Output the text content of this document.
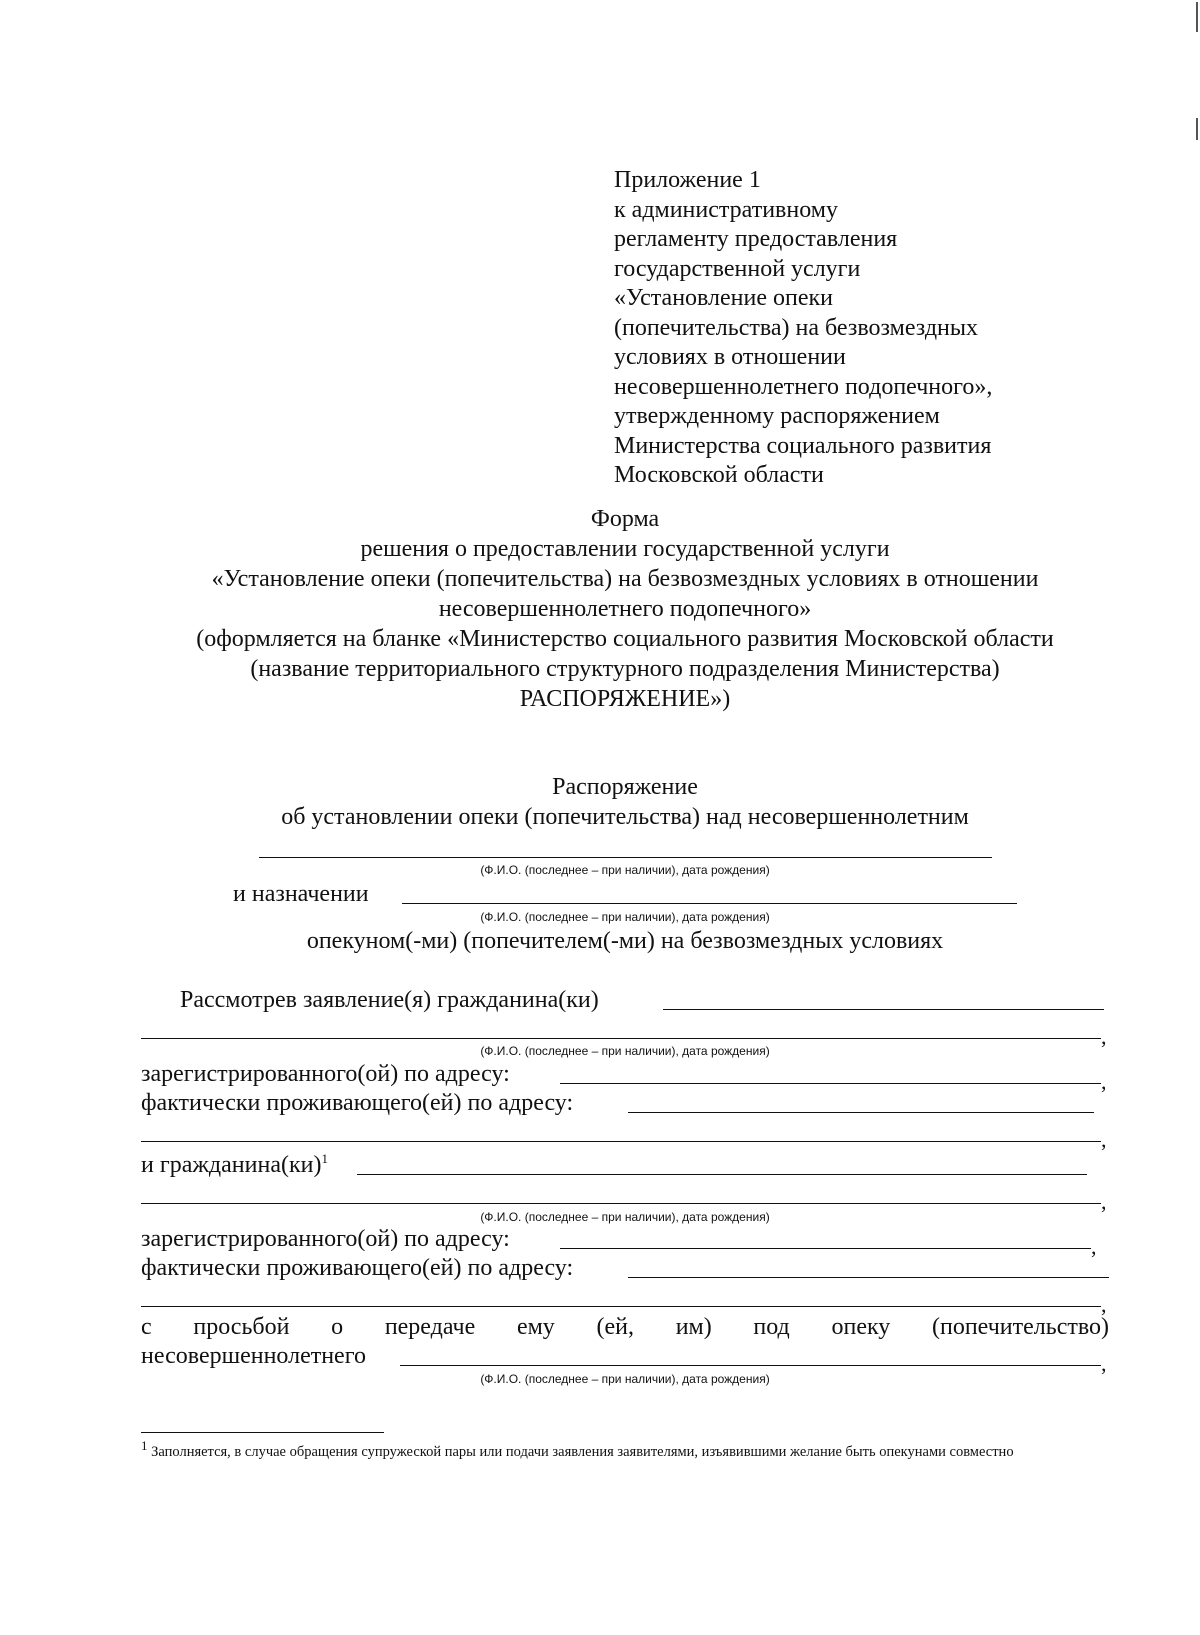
Приложение 1
к административному
регламенту предоставления
государственной услуги
«Установление опеки
(попечительства) на безвозмездных
условиях в отношении
несовершеннолетнего подопечного»,
утвержденному распоряжением
Министерства социального развития
Московской области
Форма
решения о предоставлении государственной услуги
«Установление опеки (попечительства) на безвозмездных условиях в отношении
несовершеннолетнего подопечного»
(оформляется на бланке «Министерство социального развития Московской области
(название территориального структурного подразделения Министерства)
РАСПОРЯЖЕНИЕ»)
Распоряжение
об установлении опеки (попечительства) над несовершеннолетним
(Ф.И.О. (последнее – при наличии), дата рождения)
и назначении
(Ф.И.О. (последнее – при наличии), дата рождения)
опекуном(-ми) (попечителем(-ми) на безвозмездных условиях
Рассмотрев заявление(я) гражданина(ки)
,
(Ф.И.О. (последнее – при наличии), дата рождения)
зарегистрированного(ой) по адресу:	,
фактически проживающего(ей) по адресу:
,
и гражданина(ки)$^1$
,
(Ф.И.О. (последнее – при наличии), дата рождения)
зарегистрированного(ой) по адресу:	,
фактически проживающего(ей) по адресу:
,
с просьбой о передаче ему (ей, им) под опеку (попечительство)
несовершеннолетнего	,
(Ф.И.О. (последнее – при наличии), дата рождения)
$^1$ Заполняется, в случае обращения супружеской пары или подачи заявления заявителями, изъявившими желание быть опекунами совместно
